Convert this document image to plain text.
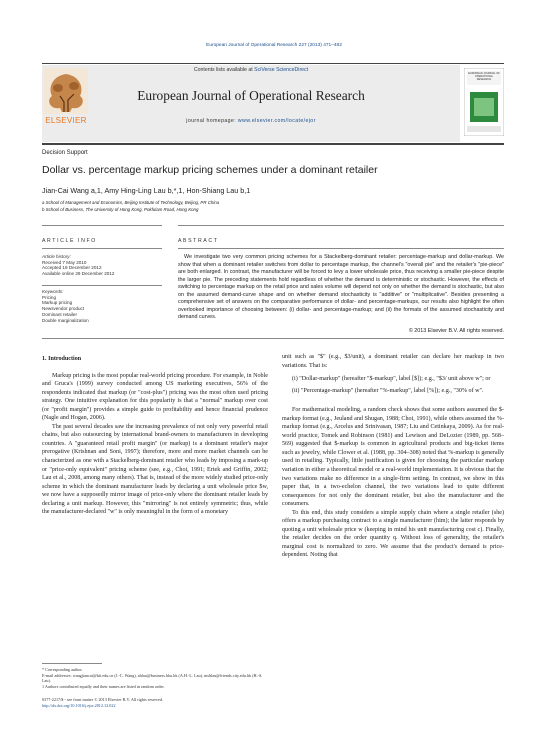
European Journal of Operational Research 227 (2013) 471–482
ELSEVIER
Contents lists available at SciVerse ScienceDirect
European Journal of Operational Research
journal homepage: www.elsevier.com/locate/ejor
EUROPEAN JOURNAL OF OPERATIONAL RESEARCH
Decision Support
Dollar vs. percentage markup pricing schemes under a dominant retailer
Jian-Cai Wang a,1, Amy Hing-Ling Lau b,*,1, Hon-Shiang Lau b,1
a School of Management and Economics, Beijing Institute of Technology, Beijing, PR China
b School of Business, The University of Hong Kong, Pokfulam Road, Hong Kong
ARTICLE INFO	ABSTRACT
Article history:
Received 7 May 2010
Accepted 19 December 2012
Available online 29 December 2012
Keywords:
Pricing
Markup pricing
Newsvendor product
Dominant retailer
Double marginalization
We investigate two very common pricing schemes for a Stackelberg-dominant retailer: percentage-markup and dollar-markup. We show that when a dominant retailer switches from dollar to percentage markup, the channel's "overall pie" and the retailer's "pie-piece" are both enlarged. In contrast, the manufacturer will be forced to levy a lower wholesale price, thus receiving a smaller pie-piece despite the larger pie. The preceding statements hold regardless of whether the demand is deterministic or stochastic. However, the effects of switching to percentage markup on the retail price and sales volume will depend not only on whether the demand is stochastic, but also on the assumed demand-curve shape and on whether demand stochasticity is "additive" or "multiplicative". Besides presenting a comprehensive set of answers on the comparative performance of dollar- and percentage-markups, our results also highlight the often overlooked importance of choosing between: (i) dollar- and percentage-markup; and (ii) the formats of the assumed stochasticity and demand curves.
© 2013 Elsevier B.V. All rights reserved.
1. Introduction

Markup pricing is the most popular real-world pricing procedure. For example, in Noble and Gruca's (1999) survey conducted among US marketing executives, 56% of the respondents indicated that markup (or "cost-plus") pricing was the most often used pricing strategy. One intuitive explanation for this popularity is that a "normal" markup over cost (or "profit margin") provides a simple guide to profitability and hence financial prudence (Nagle and Hogan, 2006).

The past several decades saw the increasing prevalence of not only very powerful retail chains, but also outsourcing by international brand-owners to manufacturers in developing countries. A "guaranteed retail profit margin" (or markup) is a dominant retailer's major prerogative (Krishnan and Soni, 1997); therefore, more and more market channels can be characterized as one with a Stackelberg-dominant retailer who leads by imposing a mark-up or "price-only equivalent" pricing scheme (see, e.g., Choi, 1991; Ertek and Griffin, 2002; Lau et al., 2008, among many others). That is, instead of the more widely studied price-only scheme in which the dominant manufacturer leads by declaring a unit wholesale price $w, we now have a supposedly mirror image of price-only where the dominant retailer leads by declaring a unit markup. However, this "mirroring" is not entirely symmetric; thus, while the manufacturer-declared "w" is only meaningful in the form of a monetary

* Corresponding author.
E-mail addresses: wangjiancai@bit.edu.cn (J.-C. Wang), ahlau@business.hku.hk (A.H.-L. Lau), mshlau@friends.city.edu.hk (H.-S. Lau).
1 Authors contributed equally and their names are listed in random order.
0377-2217/$ - see front matter © 2013 Elsevier B.V. All rights reserved.
http://dx.doi.org/10.1016/j.ejor.2012.12.022
unit such as "$" (e.g., $3/unit), a dominant retailer can declare her markup in two variations. That is:
(i) "Dollar-markup" (hereafter "$-markup", label [$]); e.g., "$3/ unit above w"; or
(ii) "Percentage-markup" (hereafter "%-markup", label [%]); e.g., "30% of w".

For mathematical modeling, a random check shows that some authors assumed the $-markup format (e.g., Jeuland and Shugan, 1988; Choi, 1991), while others assumed the %-markup format (e.g., Arcelus and Srinivasan, 1987; Liu and Cetinkaya, 2009). As for real-world practice, Tomek and Robinson (1981) and Lewison and DeLozier (1989, pp. 568–569) suggested that $-markup is common in agricultural products and big-ticket items such as jewelry, while Clower et al. (1988, pp. 304–308) noted that %-markup is generally used in retailing. Typically, little justification is given for choosing the particular markup variation in either a theoretical model or a real-world implementation. It is obvious that the two variations make no difference in a single-firm setting. In contrast, we show in this paper that, in a two-echelon channel, the two variations lead to quite different consequences for not only the dominant retailer, but also the manufacturer and the consumers.

To this end, this study considers a simple supply chain where a single retailer (she) offers a markup purchasing contract to a single manufacturer (him); the latter responds by quoting a unit wholesale price w (keeping in mind his unit manufacturing cost c). Finally, the retailer decides on the order quantity q. Without loss of generality, the retailer's marginal cost is normalized to zero. We assume that the product's demand is price-dependent. Noting that
